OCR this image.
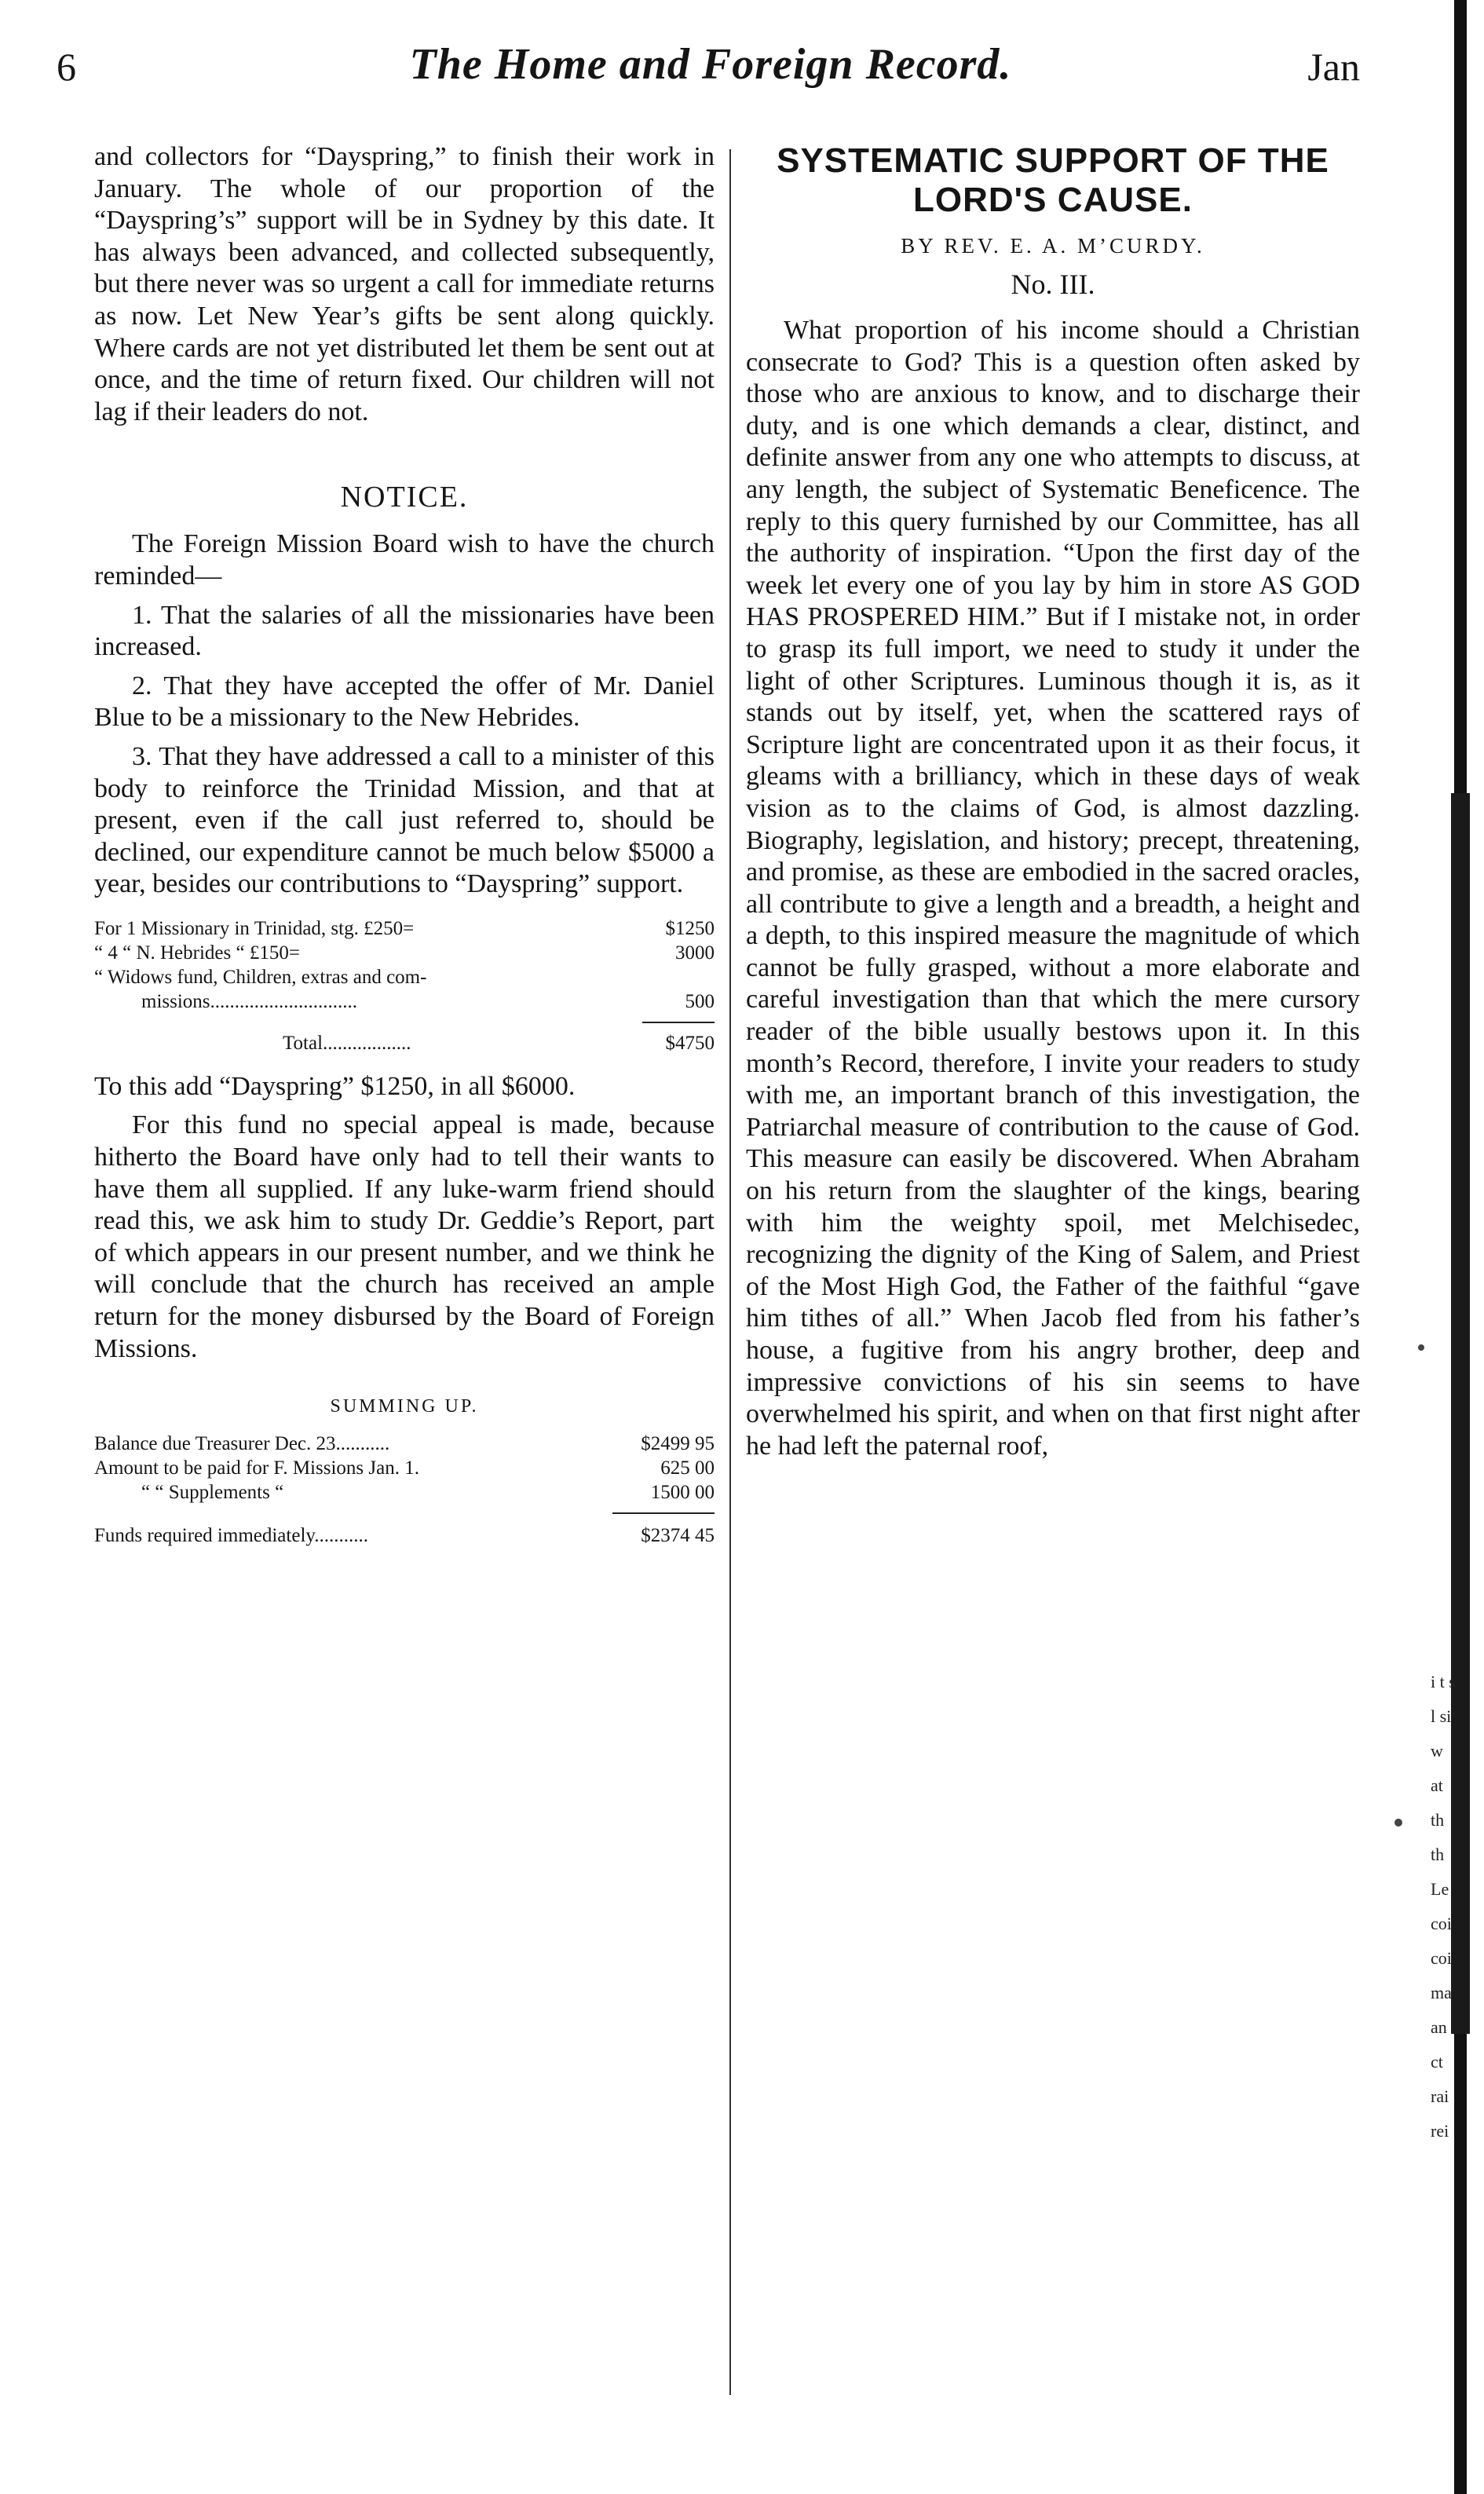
6	The Home and Foreign Record.	Jan

and collectors for “Dayspring,” to finish their work in January. The whole of our proportion of the “Dayspring’s” support will be in Sydney by this date. It has always been advanced, and collected subsequently, but there never was so urgent a call for immediate returns as now. Let New Year’s gifts be sent along quickly. Where cards are not yet distributed let them be sent out at once, and the time of return fixed. Our children will not lag if their leaders do not.

NOTICE.

The Foreign Mission Board wish to have the church reminded—

1. That the salaries of all the missionaries have been increased.

2. That they have accepted the offer of Mr. Daniel Blue to be a missionary to the New Hebrides.

3. That they have addressed a call to a minister of this body to reinforce the Trinidad Mission, and that at present, even if the call just referred to, should be declined, our expenditure cannot be much below $5000 a year, besides our contributions to “Dayspring” support.

For 1 Missionary in Trinidad, stg. £250=	$1250
“ 4 “ N. Hebrides “ £150=	3000
“ Widows fund, Children, extras and com-
missions..............................	500
Total..................	$4750

To this add “Dayspring” $1250, in all $6000.

For this fund no special appeal is made, because hitherto the Board have only had to tell their wants to have them all supplied. If any luke-warm friend should read this, we ask him to study Dr. Geddie’s Report, part of which appears in our present number, and we think he will conclude that the church has received an ample return for the money disbursed by the Board of Foreign Missions.

SUMMING UP.
Balance due Treasurer Dec. 23...........	$2499 95
Amount to be paid for F. Missions Jan. 1.	625 00
“ “ Supplements “	1500 00
Funds required immediately...........	$2374 45
SYSTEMATIC SUPPORT OF THE LORD'S CAUSE.
BY REV. E. A. M’CURDY.
No. III.

What proportion of his income should a Christian consecrate to God? This is a question often asked by those who are anxious to know, and to discharge their duty, and is one which demands a clear, distinct, and definite answer from any one who attempts to discuss, at any length, the subject of Systematic Beneficence. The reply to this query furnished by our Committee, has all the authority of inspiration. “Upon the first day of the week let every one of you lay by him in store AS GOD HAS PROSPERED HIM.” But if I mistake not, in order to grasp its full import, we need to study it under the light of other Scriptures. Luminous though it is, as it stands out by itself, yet, when the scattered rays of Scripture light are concentrated upon it as their focus, it gleams with a brilliancy, which in these days of weak vision as to the claims of God, is almost dazzling. Biography, legislation, and history; precept, threatening, and promise, as these are embodied in the sacred oracles, all contribute to give a length and a breadth, a height and a depth, to this inspired measure the magnitude of which cannot be fully grasped, without a more elaborate and careful investigation than that which the mere cursory reader of the bible usually bestows upon it. In this month’s Record, therefore, I invite your readers to study with me, an important branch of this investigation, the Patriarchal measure of contribution to the cause of God. This measure can easily be discovered. When Abraham on his return from the slaughter of the kings, bearing with him the weighty spoil, met Melchisedec, recognizing the dignity of the King of Salem, and Priest of the Most High God, the Father of the faithful “gave him tithes of all.” When Jacob fled from his father’s house, a fugitive from his angry brother, deep and impressive convictions of his sin seems to have overwhelmed his spirit, and when on that first night after he had left the paternal roof,

i t s l si w at th th Le coi coi ma an ct rai rei
